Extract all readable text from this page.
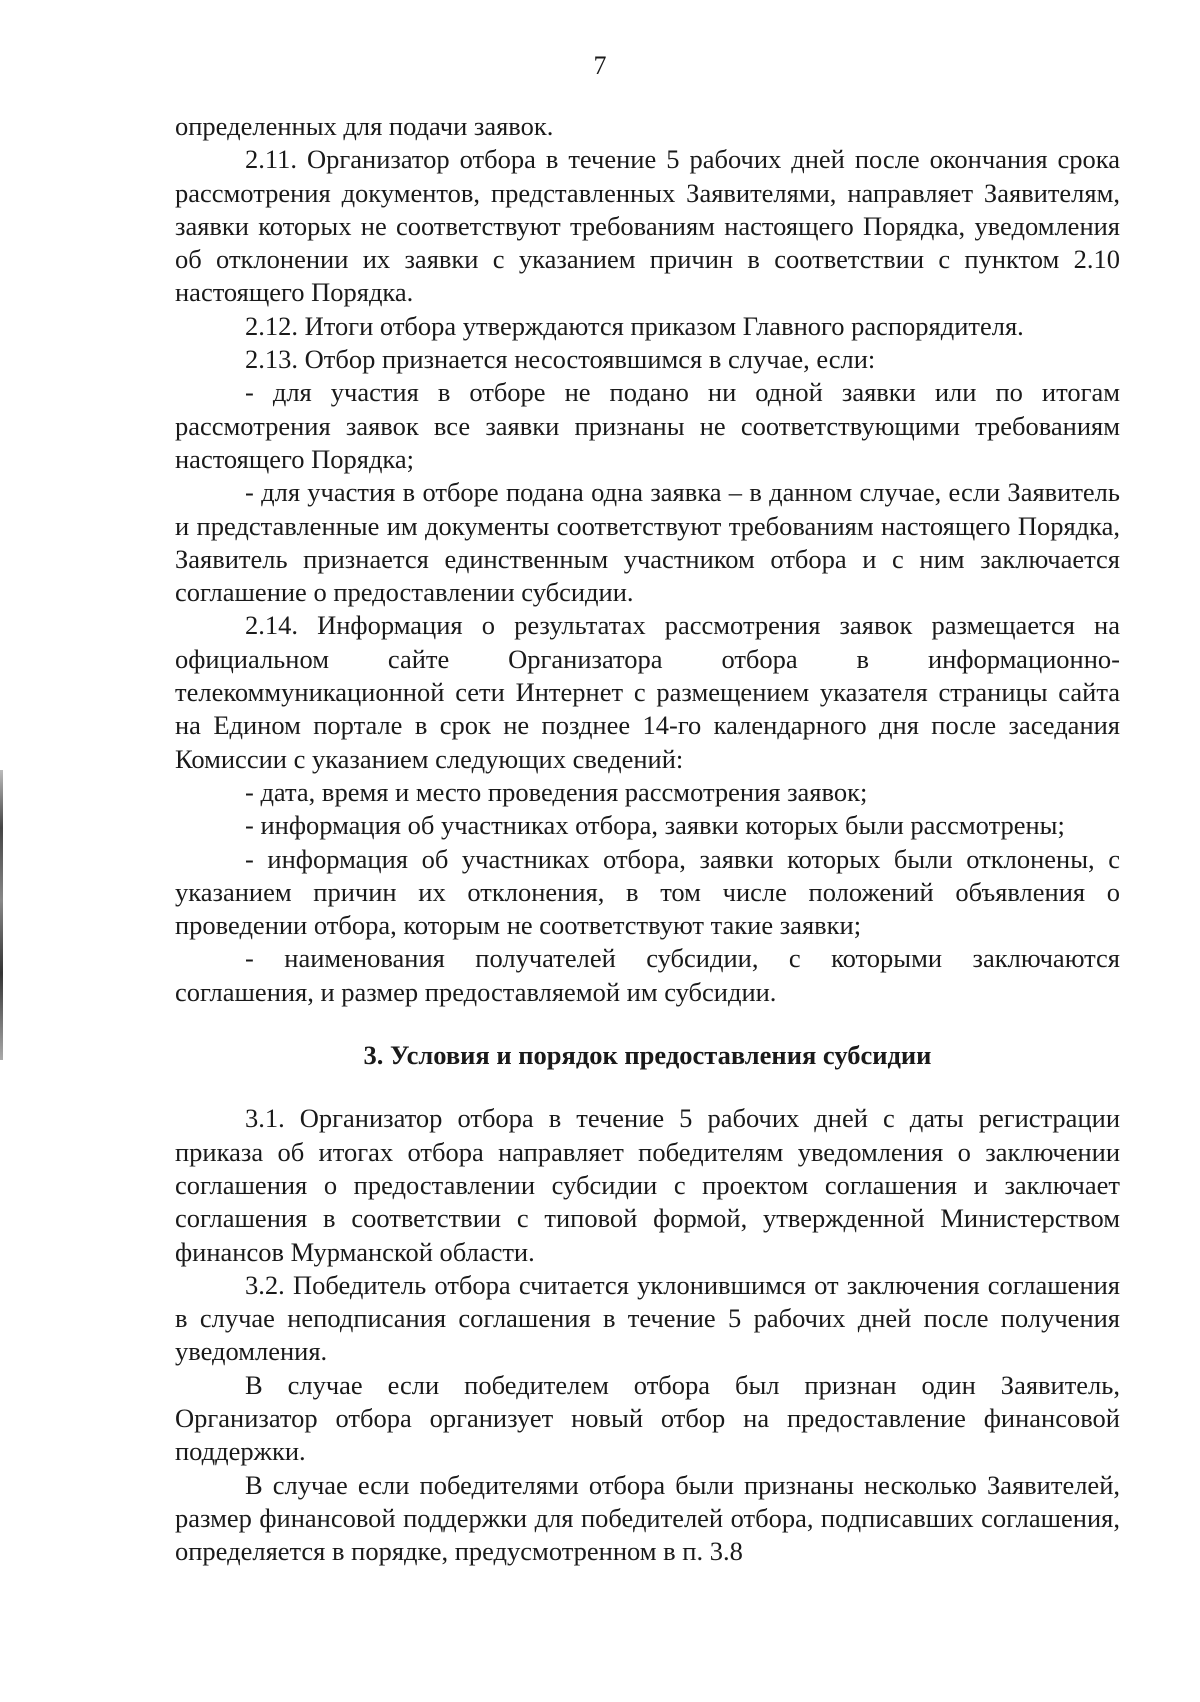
7

определенных для подачи заявок.

2.11. Организатор отбора в течение 5 рабочих дней после окончания срока рассмотрения документов, представленных Заявителями, направляет Заявителям, заявки которых не соответствуют требованиям настоящего Порядка, уведомления об отклонении их заявки с указанием причин в соответствии с пунктом 2.10 настоящего Порядка.

2.12. Итоги отбора утверждаются приказом Главного распорядителя.

2.13. Отбор признается несостоявшимся в случае, если:

- для участия в отборе не подано ни одной заявки или по итогам рассмотрения заявок все заявки признаны не соответствующими требованиям настоящего Порядка;

- для участия в отборе подана одна заявка – в данном случае, если Заявитель и представленные им документы соответствуют требованиям настоящего Порядка, Заявитель признается единственным участником отбора и с ним заключается соглашение о предоставлении субсидии.

2.14. Информация о результатах рассмотрения заявок размещается на официальном сайте Организатора отбора в информационно-телекоммуникационной сети Интернет с размещением указателя страницы сайта на Едином портале в срок не позднее 14-го календарного дня после заседания Комиссии с указанием следующих сведений:

- дата, время и место проведения рассмотрения заявок;

- информация об участниках отбора, заявки которых были рассмотрены;

- информация об участниках отбора, заявки которых были отклонены, с указанием причин их отклонения, в том числе положений объявления о проведении отбора, которым не соответствуют такие заявки;

- наименования получателей субсидии, с которыми заключаются соглашения, и размер предоставляемой им субсидии.

3. Условия и порядок предоставления субсидии

3.1. Организатор отбора в течение 5 рабочих дней с даты регистрации приказа об итогах отбора направляет победителям уведомления о заключении соглашения о предоставлении субсидии с проектом соглашения и заключает соглашения в соответствии с типовой формой, утвержденной Министерством финансов Мурманской области.

3.2. Победитель отбора считается уклонившимся от заключения соглашения в случае неподписания соглашения в течение 5 рабочих дней после получения уведомления.

В случае если победителем отбора был признан один Заявитель, Организатор отбора организует новый отбор на предоставление финансовой поддержки.

В случае если победителями отбора были признаны несколько Заявителей, размер финансовой поддержки для победителей отбора, подписавших соглашения, определяется в порядке, предусмотренном в п. 3.8
